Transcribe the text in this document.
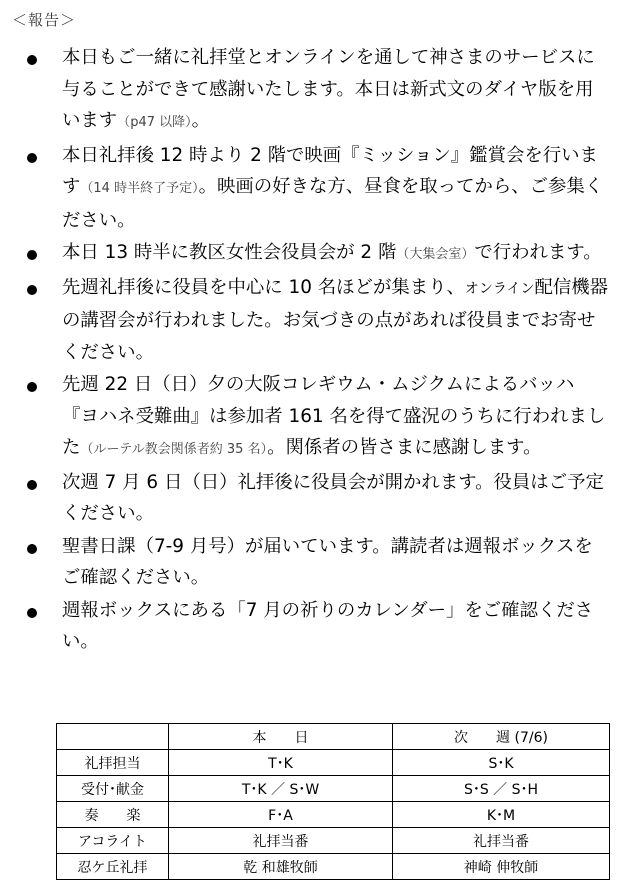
＜報告＞
本日もご一緒に礼拝堂とオンラインを通して神さまのサービスに与ることができて感謝いたします。本日は新式文のダイヤ版を用います（p47 以降）。
本日礼拝後 12 時より 2 階で映画『ミッション』鑑賞会を行います（14 時半終了予定）。映画の好きな方、昼食を取ってから、ご参集ください。
本日 13 時半に教区女性会役員会が 2 階（大集会室）で行われます。
先週礼拝後に役員を中心に 10 名ほどが集まり、オンライン配信機器の講習会が行われました。お気づきの点があれば役員までお寄せください。
先週 22 日（日）夕の大阪コレギウム・ムジクムによるバッハ『ヨハネ受難曲』は参加者 161 名を得て盛況のうちに行われました（ルーテル教会関係者約 35 名）。関係者の皆さまに感謝します。
次週 7 月 6 日（日）礼拝後に役員会が開かれます。役員はご予定ください。
聖書日課（7-9 月号）が届いています。講読者は週報ボックスをご確認ください。
週報ボックスにある「7 月の祈りのカレンダー」をご確認ください。
	本　　日	次　　週 (7/6)
礼拝担当	T･K	S･K
受付･献金	T･K ／ S･W	S･S ／ S･H
奏　　楽	F･A	K･M
アコライト	礼拝当番	礼拝当番
忍ケ丘礼拝	乾 和雄牧師	神崎 伸牧師
